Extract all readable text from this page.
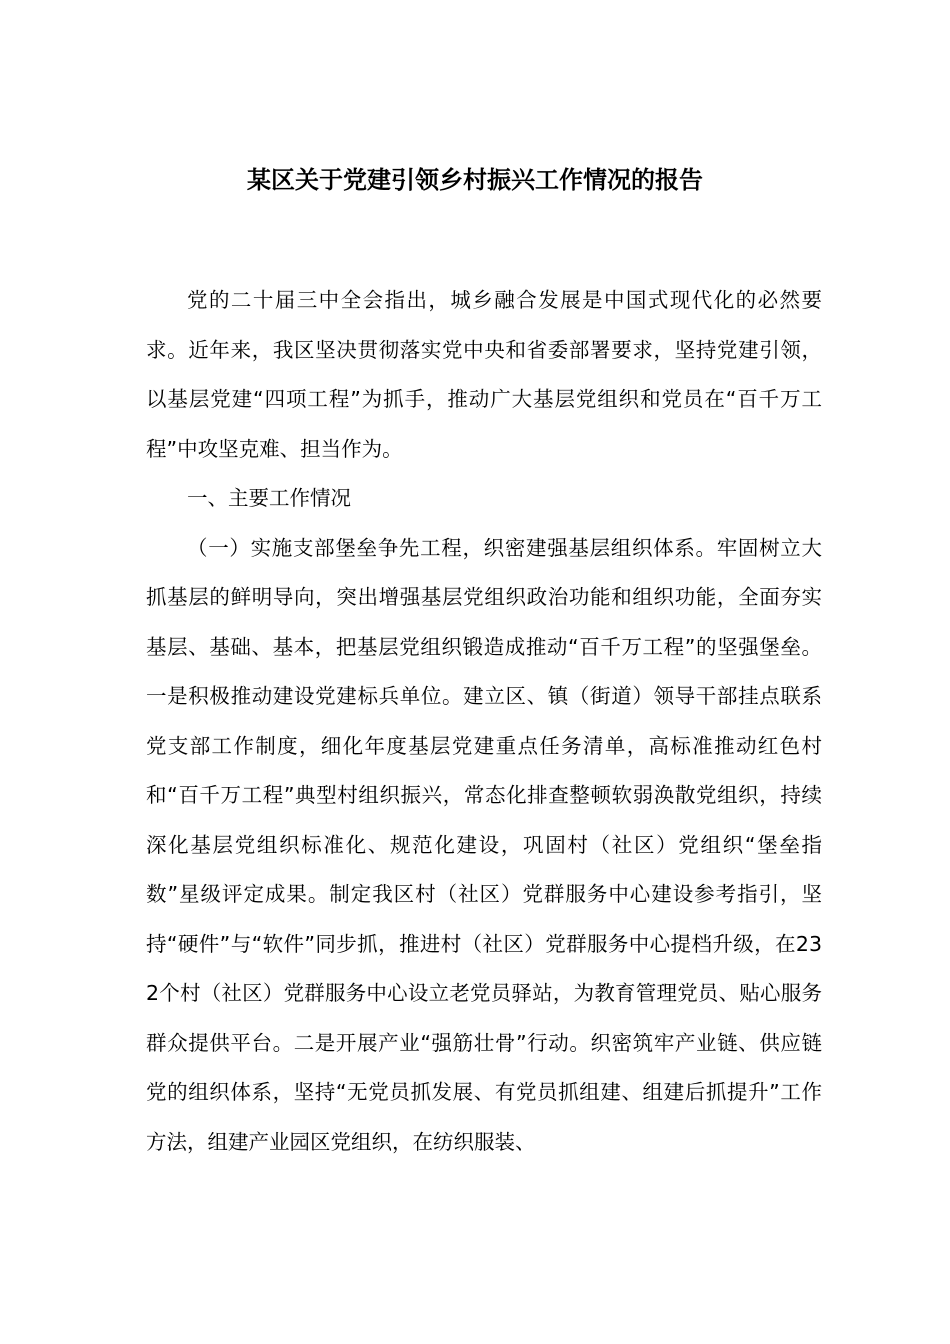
某区关于党建引领乡村振兴工作情况的报告

党的二十届三中全会指出，城乡融合发展是中国式现代化的必然要求。近年来，我区坚决贯彻落实党中央和省委部署要求，坚持党建引领，以基层党建“四项工程”为抓手，推动广大基层党组织和党员在“百千万工程”中攻坚克难、担当作为。

一、主要工作情况

（一）实施支部堡垒争先工程，织密建强基层组织体系。牢固树立大抓基层的鲜明导向，突出增强基层党组织政治功能和组织功能，全面夯实基层、基础、基本，把基层党组织锻造成推动“百千万工程”的坚强堡垒。一是积极推动建设党建标兵单位。建立区、镇（街道）领导干部挂点联系党支部工作制度，细化年度基层党建重点任务清单，高标准推动红色村和“百千万工程”典型村组织振兴，常态化排查整顿软弱涣散党组织，持续深化基层党组织标准化、规范化建设，巩固村（社区）党组织“堡垒指数”星级评定成果。制定我区村（社区）党群服务中心建设参考指引，坚持“硬件”与“软件”同步抓，推进村（社区）党群服务中心提档升级，在232个村（社区）党群服务中心设立老党员驿站，为教育管理党员、贴心服务群众提供平台。二是开展产业“强筋壮骨”行动。织密筑牢产业链、供应链党的组织体系，坚持“无党员抓发展、有党员抓组建、组建后抓提升”工作方法，组建产业园区党组织，在纺织服装、
